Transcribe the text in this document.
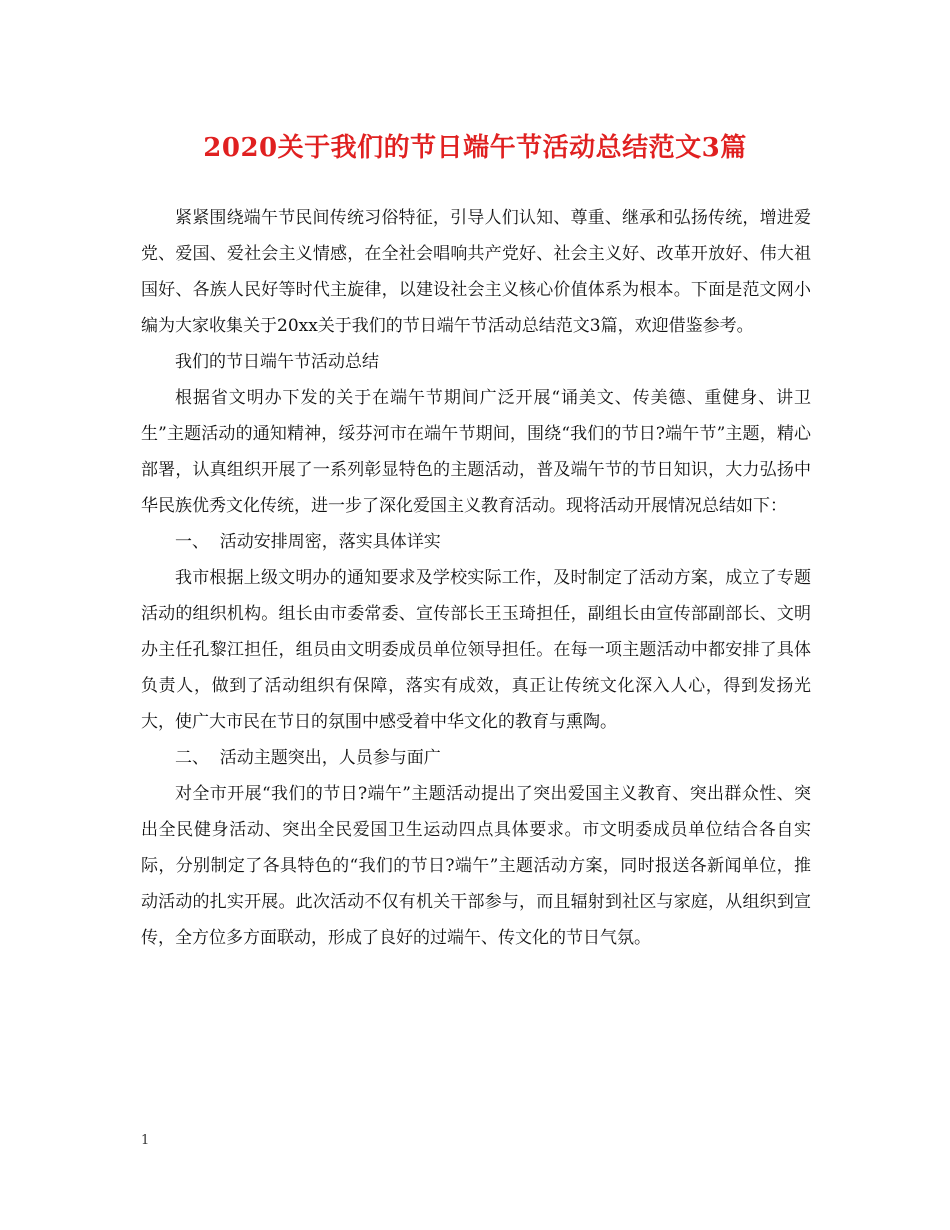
2020关于我们的节日端午节活动总结范文3篇

紧紧围绕端午节民间传统习俗特征，引导人们认知、尊重、继承和弘扬传统，增进爱党、爱国、爱社会主义情感，在全社会唱响共产党好、社会主义好、改革开放好、伟大祖国好、各族人民好等时代主旋律，以建设社会主义核心价值体系为根本。下面是范文网小编为大家收集关于20xx关于我们的节日端午节活动总结范文3篇，欢迎借鉴参考。

我们的节日端午节活动总结

根据省文明办下发的关于在端午节期间广泛开展“诵美文、传美德、重健身、讲卫生”主题活动的通知精神，绥芬河市在端午节期间，围绕“我们的节日?端午节”主题，精心部署，认真组织开展了一系列彰显特色的主题活动，普及端午节的节日知识，大力弘扬中华民族优秀文化传统，进一步了深化爱国主义教育活动。现将活动开展情况总结如下：

一、  活动安排周密，落实具体详实

我市根据上级文明办的通知要求及学校实际工作，及时制定了活动方案，成立了专题活动的组织机构。组长由市委常委、宣传部长王玉琦担任，副组长由宣传部副部长、文明办主任孔黎江担任，组员由文明委成员单位领导担任。在每一项主题活动中都安排了具体负责人，做到了活动组织有保障，落实有成效，真正让传统文化深入人心，得到发扬光大，使广大市民在节日的氛围中感受着中华文化的教育与熏陶。

二、  活动主题突出，人员参与面广

对全市开展“我们的节日?端午”主题活动提出了突出爱国主义教育、突出群众性、突出全民健身活动、突出全民爱国卫生运动四点具体要求。市文明委成员单位结合各自实际，分别制定了各具特色的“我们的节日?端午”主题活动方案，同时报送各新闻单位，推动活动的扎实开展。此次活动不仅有机关干部参与，而且辐射到社区与家庭，从组织到宣传，全方位多方面联动，形成了良好的过端午、传文化的节日气氛。

1
